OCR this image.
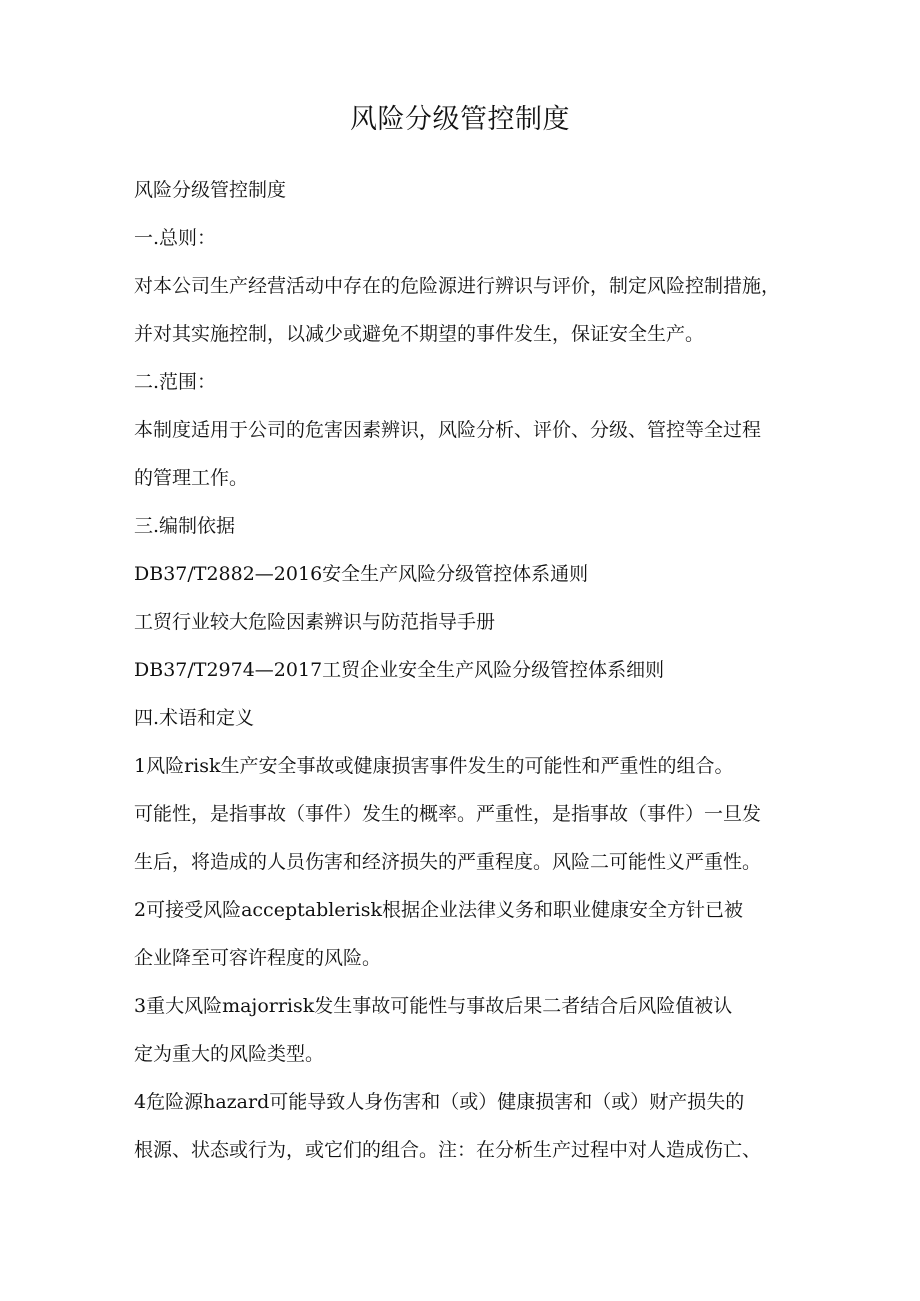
风险分级管控制度
风险分级管控制度
一.总则：
对本公司生产经营活动中存在的危险源进行辨识与评价，制定风险控制措施，
并对其实施控制，以减少或避免不期望的事件发生，保证安全生产。
二.范围：
本制度适用于公司的危害因素辨识，风险分析、评价、分级、管控等全过程
的管理工作。
三.编制依据
DB37/T2882—2016安全生产风险分级管控体系通则
工贸行业较大危险因素辨识与防范指导手册
DB37/T2974—2017工贸企业安全生产风险分级管控体系细则
四.术语和定义
1风险risk生产安全事故或健康损害事件发生的可能性和严重性的组合。
可能性，是指事故（事件）发生的概率。严重性，是指事故（事件）一旦发
生后，将造成的人员伤害和经济损失的严重程度。风险二可能性义严重性。
2可接受风险acceptablerisk根据企业法律义务和职业健康安全方针已被
企业降至可容许程度的风险。
3重大风险majorrisk发生事故可能性与事故后果二者结合后风险值被认
定为重大的风险类型。
4危险源hazard可能导致人身伤害和（或）健康损害和（或）财产损失的
根源、状态或行为，或它们的组合。注：在分析生产过程中对人造成伤亡、
